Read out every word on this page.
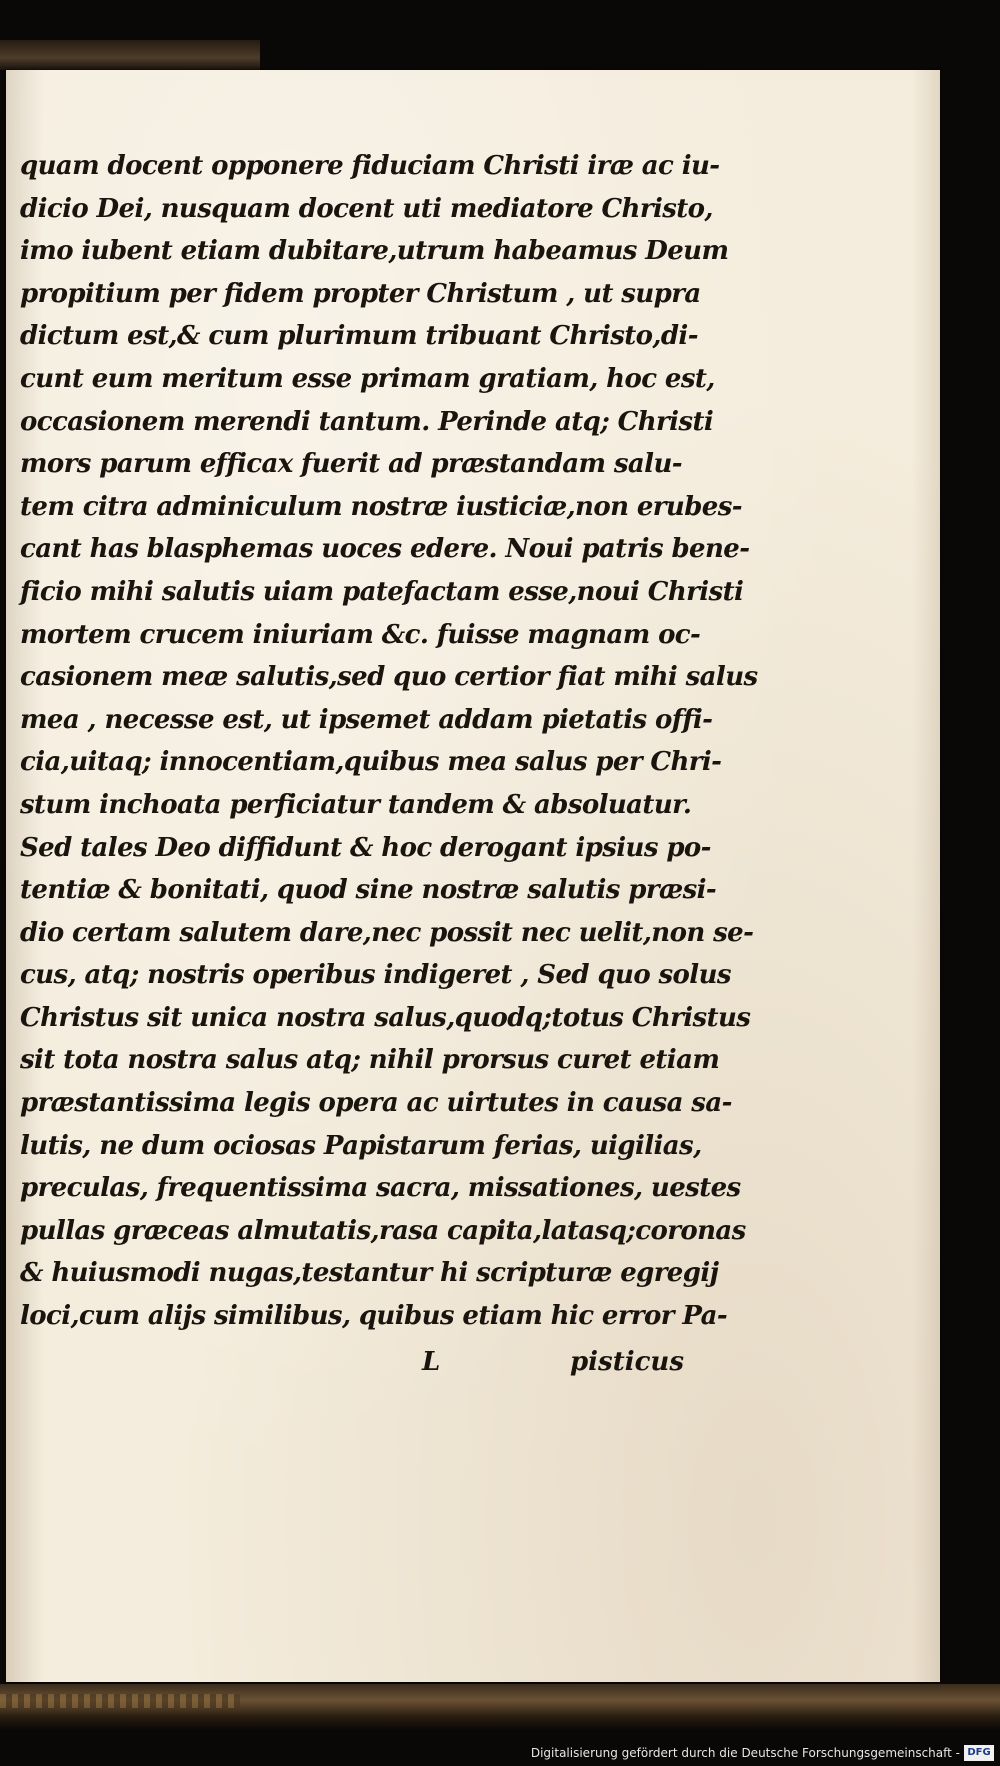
quam docent opponere fiduciam Christi iræ ac iu-
dicio Dei, nusquam docent uti mediatore Christo,
imo iubent etiam dubitare,utrum habeamus Deum
propitium per fidem propter Christum , ut supra
dictum est,& cum plurimum tribuant Christo,di-
cunt eum meritum esse primam gratiam, hoc est,
occasionem merendi tantum. Perinde atq; Christi
mors parum efficax fuerit ad præstandam salu-
tem citra adminiculum nostræ iusticiæ,non erubes-
cant has blasphemas uoces edere. Noui patris bene-
ficio mihi salutis uiam patefactam esse,noui Christi
mortem crucem iniuriam &c. fuisse magnam oc-
casionem meæ salutis,sed quo certior fiat mihi salus
mea , necesse est, ut ipsemet addam pietatis offi-
cia,uitaq; innocentiam,quibus mea salus per Chri-
stum inchoata perficiatur tandem & absoluatur.
Sed tales Deo diffidunt & hoc derogant ipsius po-
tentiæ & bonitati, quod sine nostræ salutis præsi-
dio certam salutem dare,nec possit nec uelit,non se-
cus, atq; nostris operibus indigeret , Sed quo solus
Christus sit unica nostra salus,quodq;totus Christus
sit tota nostra salus atq; nihil prorsus curet etiam
præstantissima legis opera ac uirtutes in causa sa-
lutis, ne dum ociosas Papistarum ferias, uigilias,
preculas, frequentissima sacra, missationes, uestes
pullas græceas almutatis,rasa capita,latasq;coronas
& huiusmodi nugas,testantur hi scripturæ egregij
loci,cum alijs similibus, quibus etiam hic error Pa-
L	pisticus
Digitalisierung gefördert durch die Deutsche Forschungsgemeinschaft - DFG
